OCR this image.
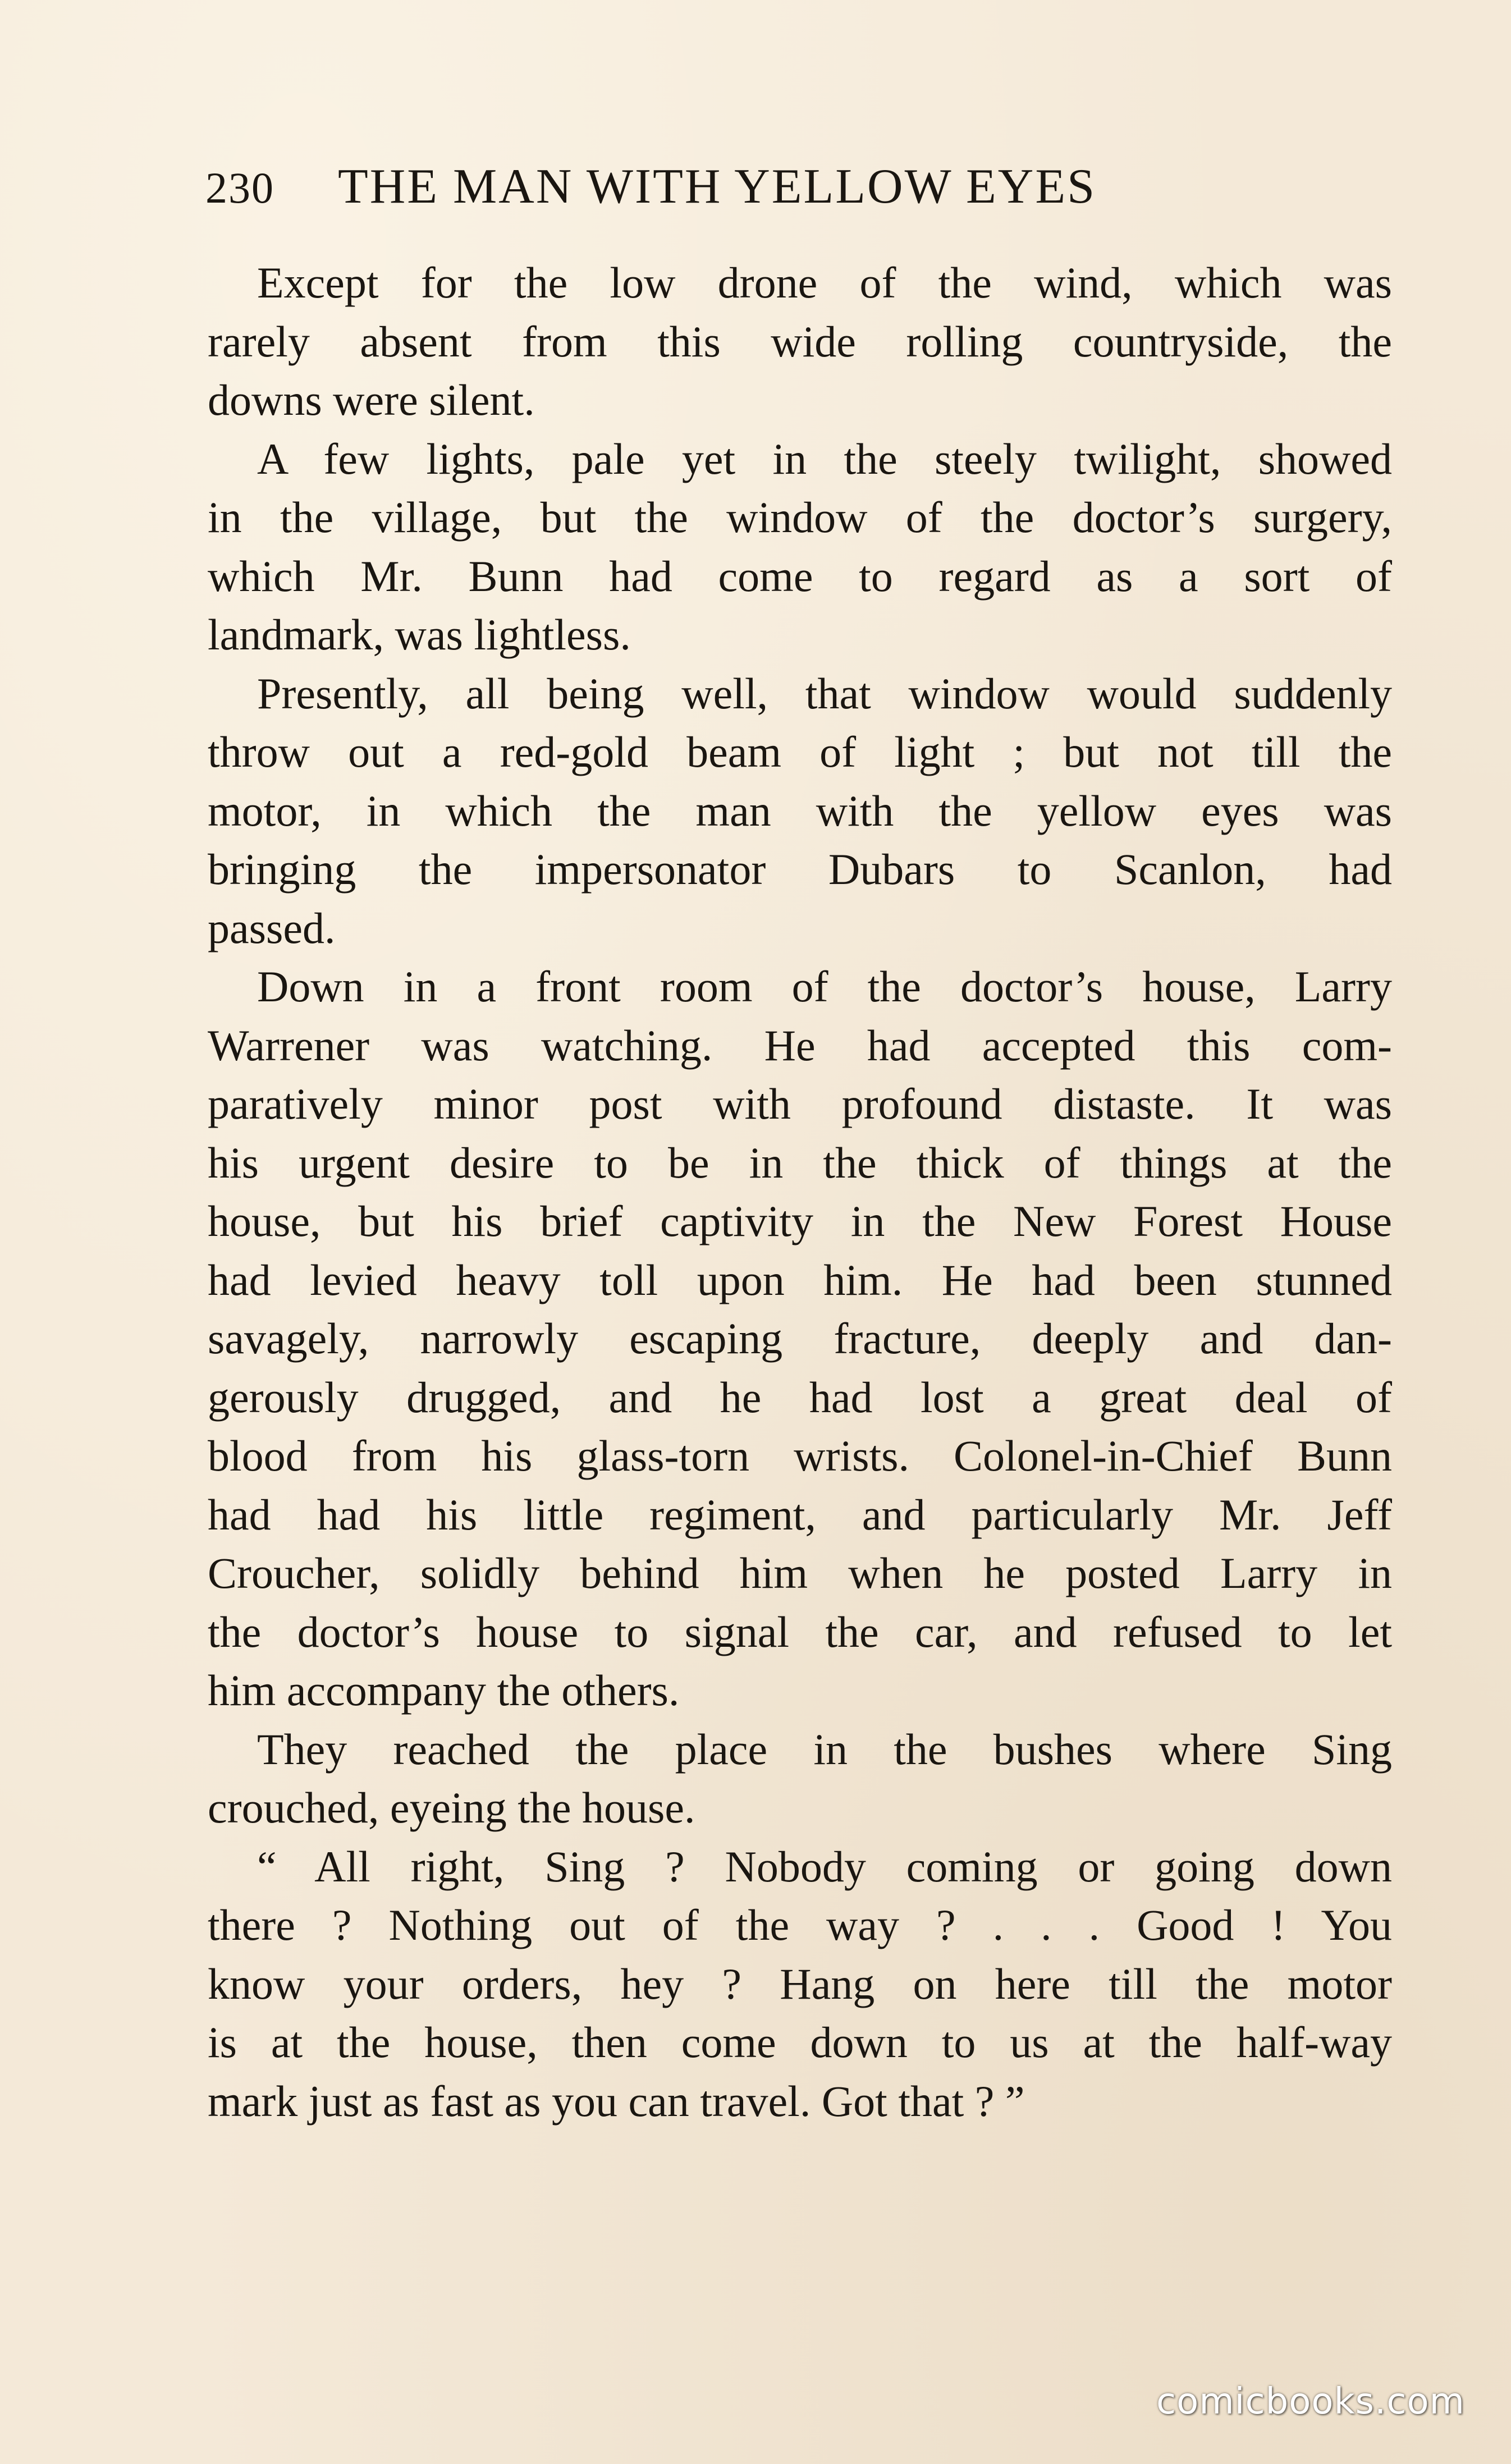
230	THE MAN WITH YELLOW EYES
Except for the low drone of the wind, which was
rarely absent from this wide rolling countryside, the
downs were silent.
A few lights, pale yet in the steely twilight, showed
in the village, but the window of the doctor’s surgery,
which Mr. Bunn had come to regard as a sort of
landmark, was lightless.
Presently, all being well, that window would suddenly
throw out a red-gold beam of light ; but not till the
motor, in which the man with the yellow eyes was
bringing the impersonator Dubars to Scanlon, had
passed.
Down in a front room of the doctor’s house, Larry
Warrener was watching. He had accepted this com-
paratively minor post with profound distaste. It was
his urgent desire to be in the thick of things at the
house, but his brief captivity in the New Forest House
had levied heavy toll upon him. He had been stunned
savagely, narrowly escaping fracture, deeply and dan-
gerously drugged, and he had lost a great deal of
blood from his glass-torn wrists. Colonel-in-Chief Bunn
had had his little regiment, and particularly Mr. Jeff
Croucher, solidly behind him when he posted Larry in
the doctor’s house to signal the car, and refused to let
him accompany the others.
They reached the place in the bushes where Sing
crouched, eyeing the house.
“ All right, Sing ? Nobody coming or going down
there ? Nothing out of the way ? . . . Good ! You
know your orders, hey ? Hang on here till the motor
is at the house, then come down to us at the half-way
mark just as fast as you can travel. Got that ? ”
comicbooks.com
